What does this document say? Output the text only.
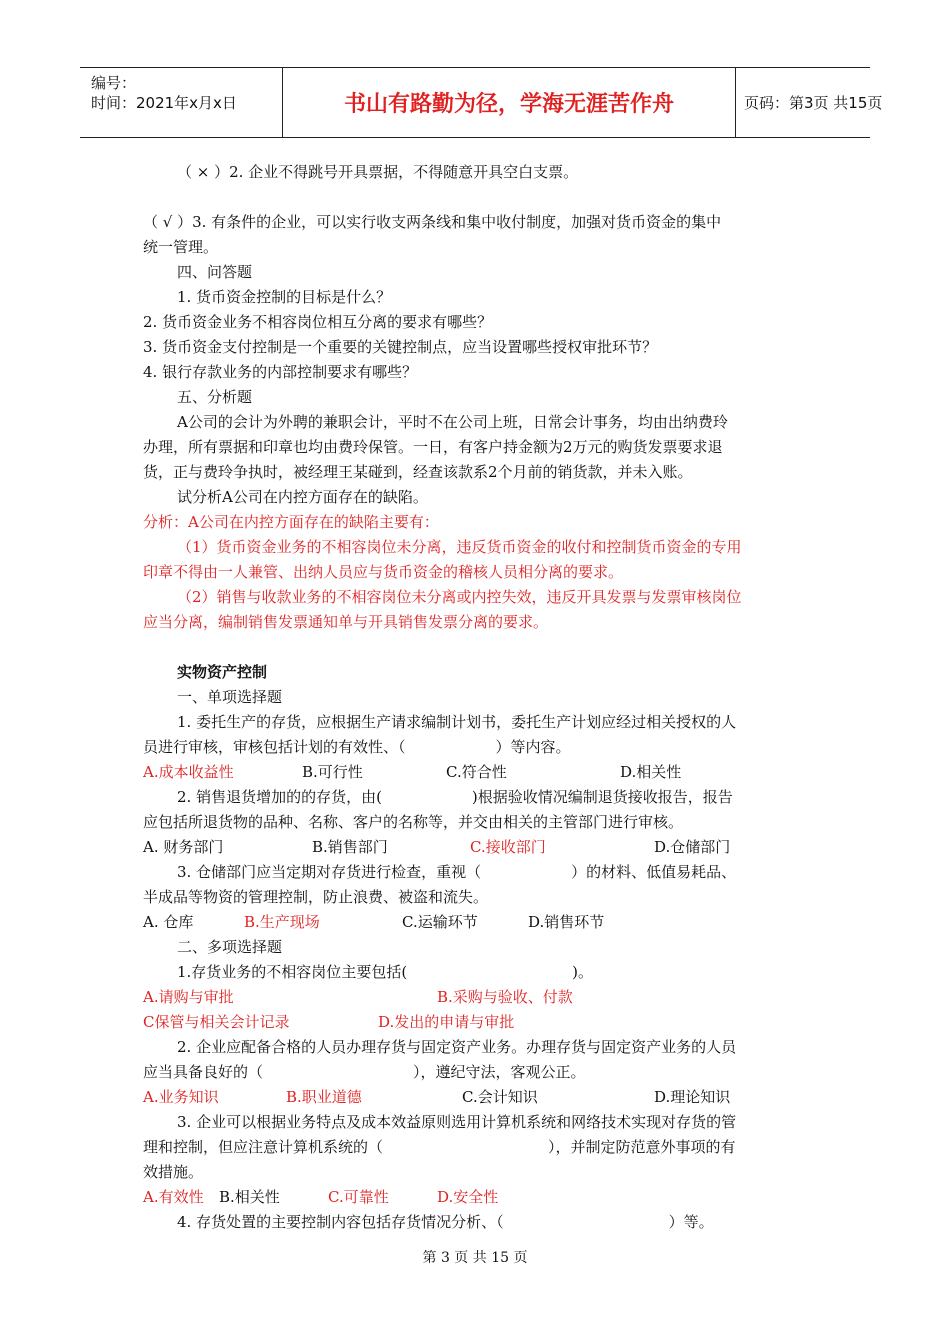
编号：
时间：2021年x月x日	书山有路勤为径，学海无涯苦作舟	页码：第3页 共15页
（ × ）2. 企业不得跳号开具票据，不得随意开具空白支票。
（ √ ）3. 有条件的企业，可以实行收支两条线和集中收付制度，加强对货币资金的集中
统一管理。
四、问答题
1. 货币资金控制的目标是什么？
2. 货币资金业务不相容岗位相互分离的要求有哪些？
3. 货币资金支付控制是一个重要的关键控制点，应当设置哪些授权审批环节？
4. 银行存款业务的内部控制要求有哪些？
五、分析题
A公司的会计为外聘的兼职会计，平时不在公司上班，日常会计事务，均由出纳费玲
办理，所有票据和印章也均由费玲保管。一日，有客户持金额为2万元的购货发票要求退
货，正与费玲争执时，被经理王某碰到，经查该款系2个月前的销货款，并未入账。
试分析A公司在内控方面存在的缺陷。
分析：A公司在内控方面存在的缺陷主要有：
（1）货币资金业务的不相容岗位未分离，违反货币资金的收付和控制货币资金的专用
印章不得由一人兼管、出纳人员应与货币资金的稽核人员相分离的要求。
（2）销售与收款业务的不相容岗位未分离或内控失效，违反开具发票与发票审核岗位
应当分离，编制销售发票通知单与开具销售发票分离的要求。
实物资产控制
一、单项选择题
1. 委托生产的存货，应根据生产请求编制计划书，委托生产计划应经过相关授权的人
员进行审核，审核包括计划的有效性、（　　　　　　）等内容。
A.成本收益性	B.可行性	C.符合性	D.相关性
2. 销售退货增加的的存货，由(　　　　　　)根据验收情况编制退货接收报告，报告
应包括所退货物的品种、名称、客户的名称等，并交由相关的主管部门进行审核。
A. 财务部门	B.销售部门	C.接收部门	D.仓储部门
3. 仓储部门应当定期对存货进行检查，重视（　　　　　　）的材料、低值易耗品、
半成品等物资的管理控制，防止浪费、被盗和流失。
A. 仓库	B.生产现场	C.运输环节	D.销售环节
二、多项选择题
1.存货业务的不相容岗位主要包括(　　　　　　　　　　　)。
A.请购与审批	B.采购与验收、付款
C保管与相关会计记录	D.发出的申请与审批
2. 企业应配备合格的人员办理存货与固定资产业务。办理存货与固定资产业务的人员
应当具备良好的（　　　　　　　　　　），遵纪守法，客观公正。
A.业务知识	B.职业道德	C.会计知识	D.理论知识
3. 企业可以根据业务特点及成本效益原则选用计算机系统和网络技术实现对存货的管
理和控制，但应注意计算机系统的（　　　　　　　　　　　），并制定防范意外事项的有
效措施。
A.有效性 B.相关性	C.可靠性	D.安全性
4. 存货处置的主要控制内容包括存货情况分析、（　　　　　　　　　　　）等。
第 3 页 共 15 页
